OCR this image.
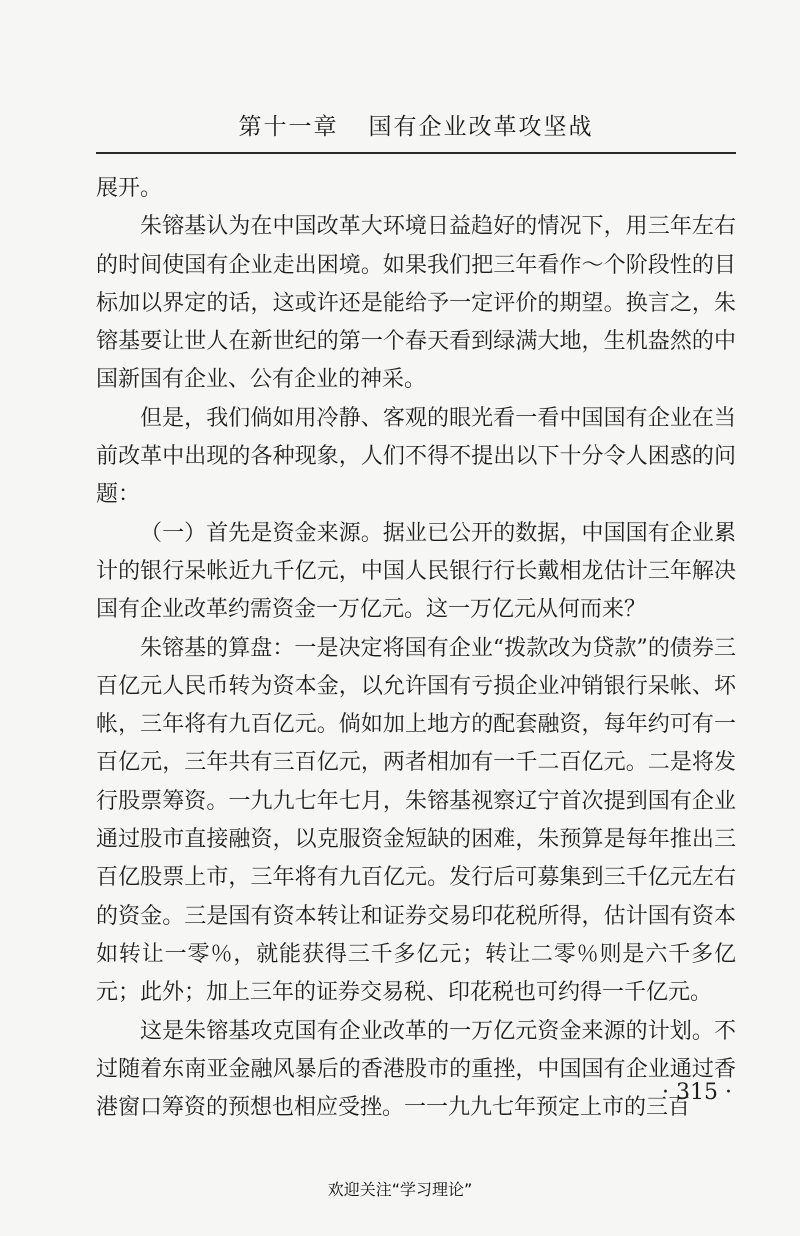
第十一章 国有企业改革攻坚战

展开。

朱镕基认为在中国改革大环境日益趋好的情况下，用三年左右的时间使国有企业走出困境。如果我们把三年看作～个阶段性的目标加以界定的话，这或许还是能给予一定评价的期望。换言之，朱镕基要让世人在新世纪的第一个春天看到绿满大地，生机盎然的中国新国有企业、公有企业的神采。

但是，我们倘如用冷静、客观的眼光看一看中国国有企业在当前改革中出现的各种现象，人们不得不提出以下十分令人困惑的问题：

（一）首先是资金来源。据业已公开的数据，中国国有企业累计的银行呆帐近九千亿元，中国人民银行行长戴相龙估计三年解决国有企业改革约需资金一万亿元。这一万亿元从何而来？

朱镕基的算盘：一是决定将国有企业“拨款改为贷款”的债券三百亿元人民币转为资本金，以允许国有亏损企业冲销银行呆帐、坏帐，三年将有九百亿元。倘如加上地方的配套融资，每年约可有一百亿元，三年共有三百亿元，两者相加有一千二百亿元。二是将发行股票筹资。一九九七年七月，朱镕基视察辽宁首次提到国有企业通过股市直接融资，以克服资金短缺的困难，朱预算是每年推出三百亿股票上市，三年将有九百亿元。发行后可募集到三千亿元左右的资金。三是国有资本转让和证券交易印花税所得，估计国有资本如转让一零％，就能获得三千多亿元；转让二零％则是六千多亿元；此外；加上三年的证券交易税、印花税也可约得一千亿元。

这是朱镕基攻克国有企业改革的一万亿元资金来源的计划。不过随着东南亚金融风暴后的香港股市的重挫，中国国有企业通过香港窗口筹资的预想也相应受挫。一一九九七年预定上市的三百

· 315 ·
欢迎关注“学习理论”
